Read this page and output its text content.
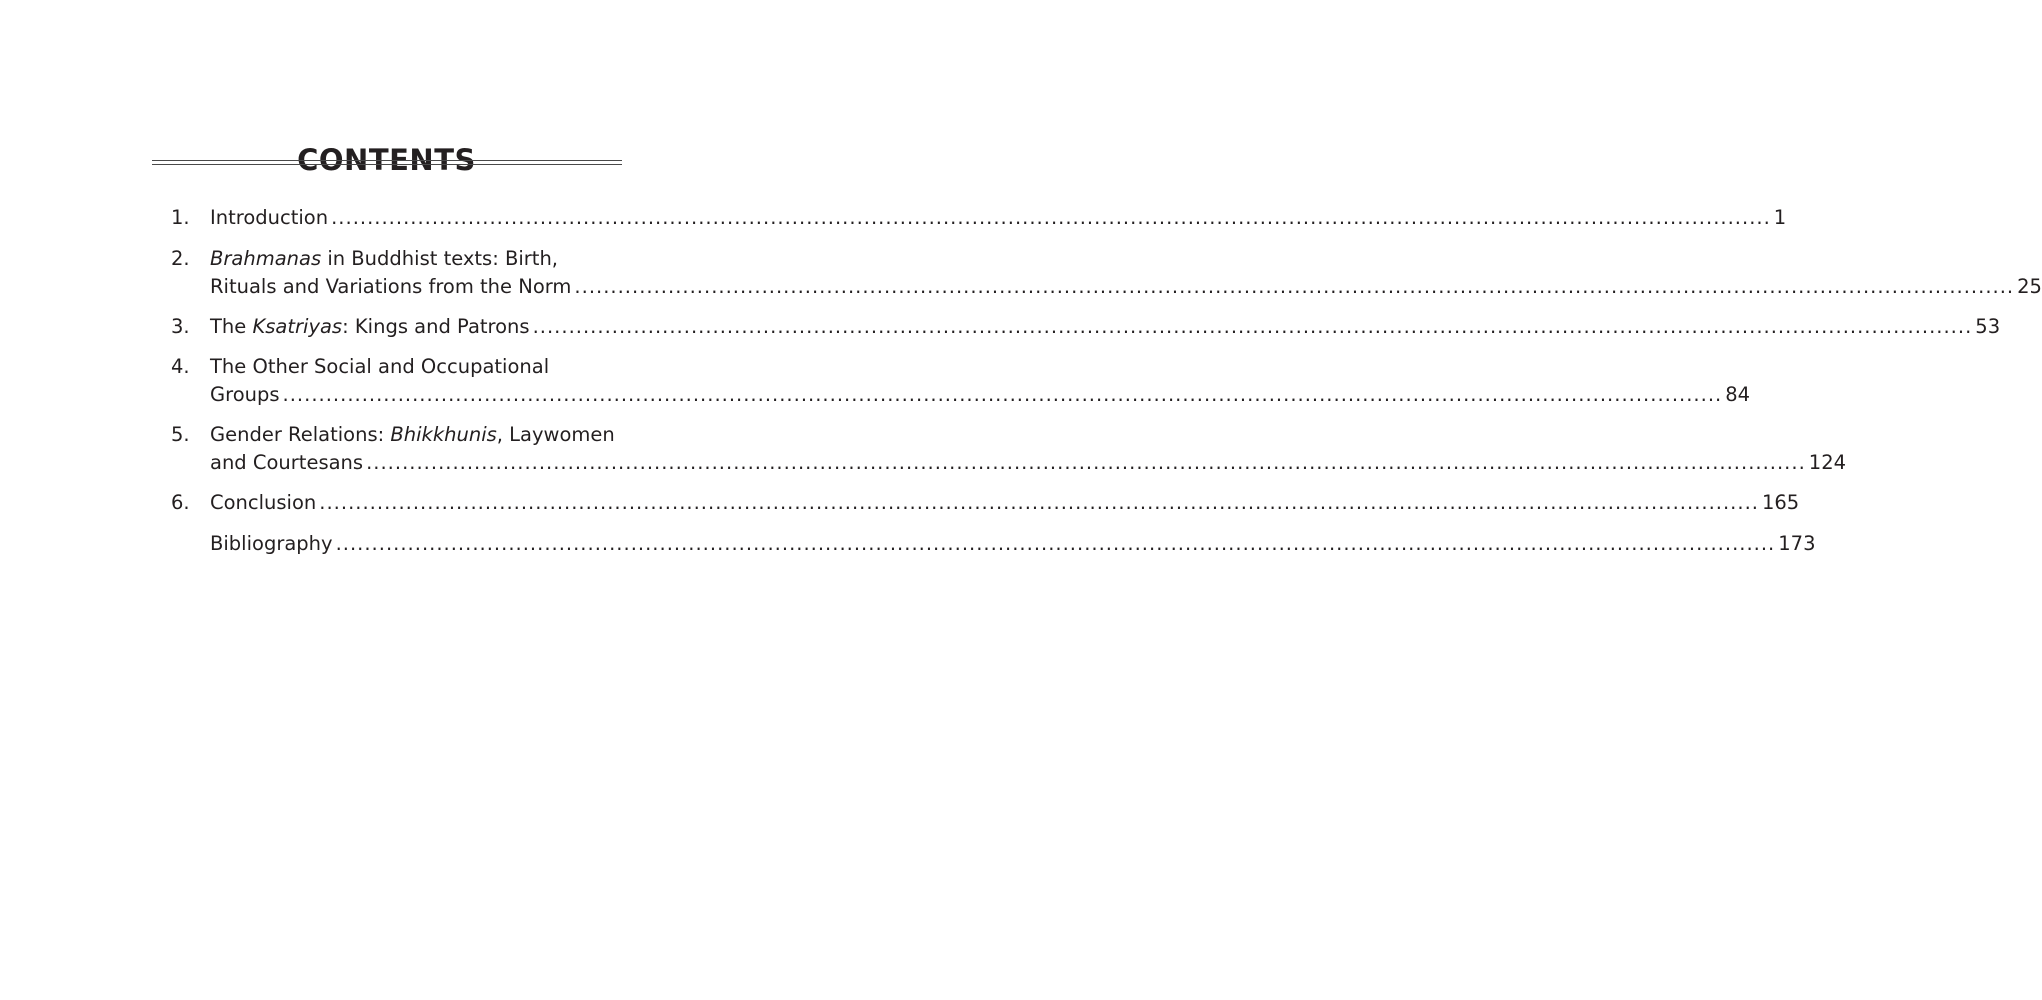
CONTENTS
1.	Introduction ........................................................................................................................................................................................................ 1
2.	Brahmanas in Buddhist texts: Birth,
Rituals and Variations from the Norm ........................................................................................................................................................................................................ 25
3.	The Ksatriyas: Kings and Patrons ........................................................................................................................................................................................................ 53
4.	The Other Social and Occupational
Groups ........................................................................................................................................................................................................ 84
5.	Gender Relations: Bhikkhunis, Laywomen
and Courtesans ........................................................................................................................................................................................................ 124
6.	Conclusion ........................................................................................................................................................................................................ 165
Bibliography ........................................................................................................................................................................................................ 173
